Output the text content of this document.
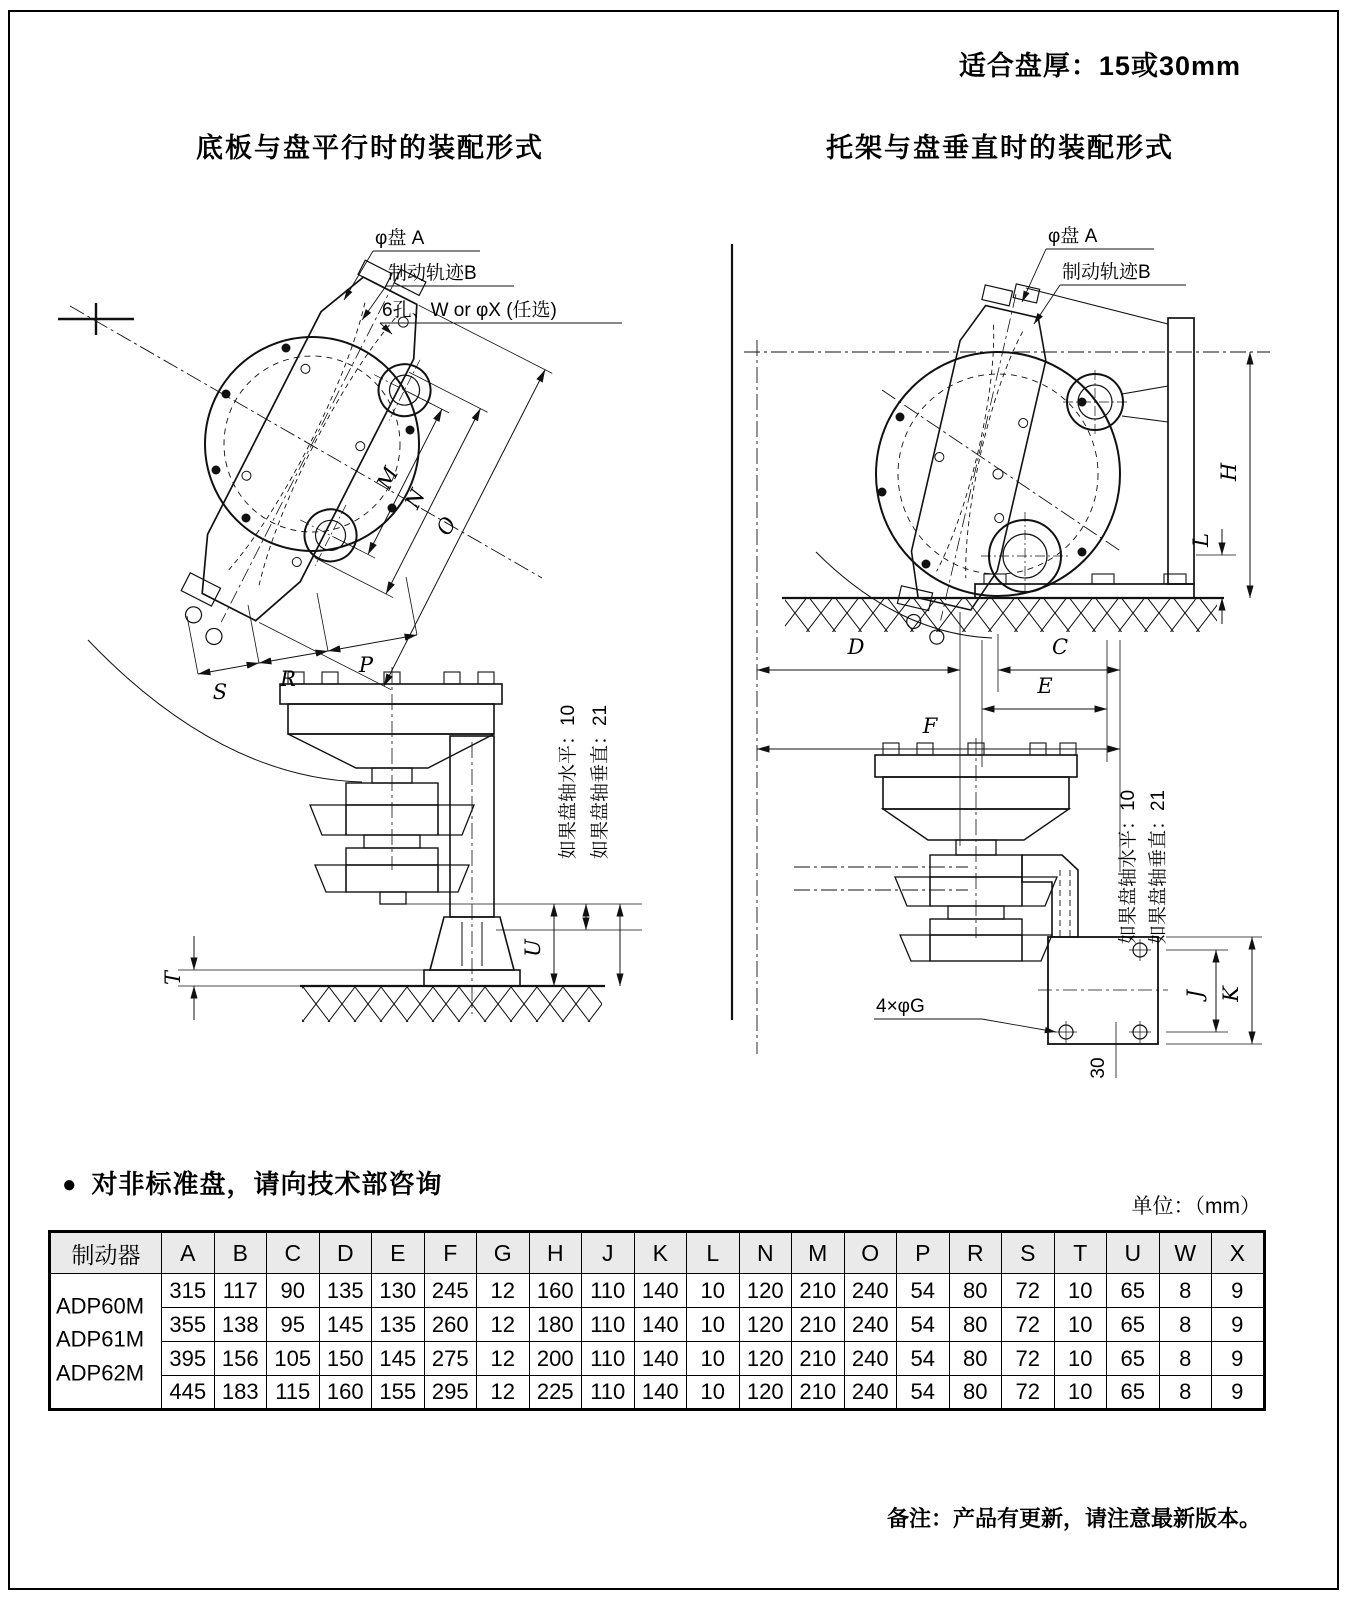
适合盘厚：15或30mm
底板与盘平行时的装配形式	托架与盘垂直时的装配形式
M
N
O
φ盘 A
制动轨迹B
6孔、W or φX (任选)
S
R
P
T
U
如果盘轴水平：10 如果盘轴垂直：21
φ盘 A
制动轨迹B
H
L
D	C
E
F
4×φG
30
J K
如果盘轴水平：10 如果盘轴垂直：21
● 对非标准盘，请向技术部咨询
单位：（mm）
制动器	A	B	C	D	E	F	G	H	J	K	L	N	M	O	P	R	S	T	U	W	X

ADP60M
ADP61M
ADP62M	315	117	90	135	130	245	12	160	110	140	10	120	210	240	54	80	72	10	65	8	9
	355	138	95	145	135	260	12	180	110	140	10	120	210	240	54	80	72	10	65	8	9
	395	156	105	150	145	275	12	200	110	140	10	120	210	240	54	80	72	10	65	8	9
	445	183	115	160	155	295	12	225	110	140	10	120	210	240	54	80	72	10	65	8	9
备注：产品有更新，请注意最新版本。
